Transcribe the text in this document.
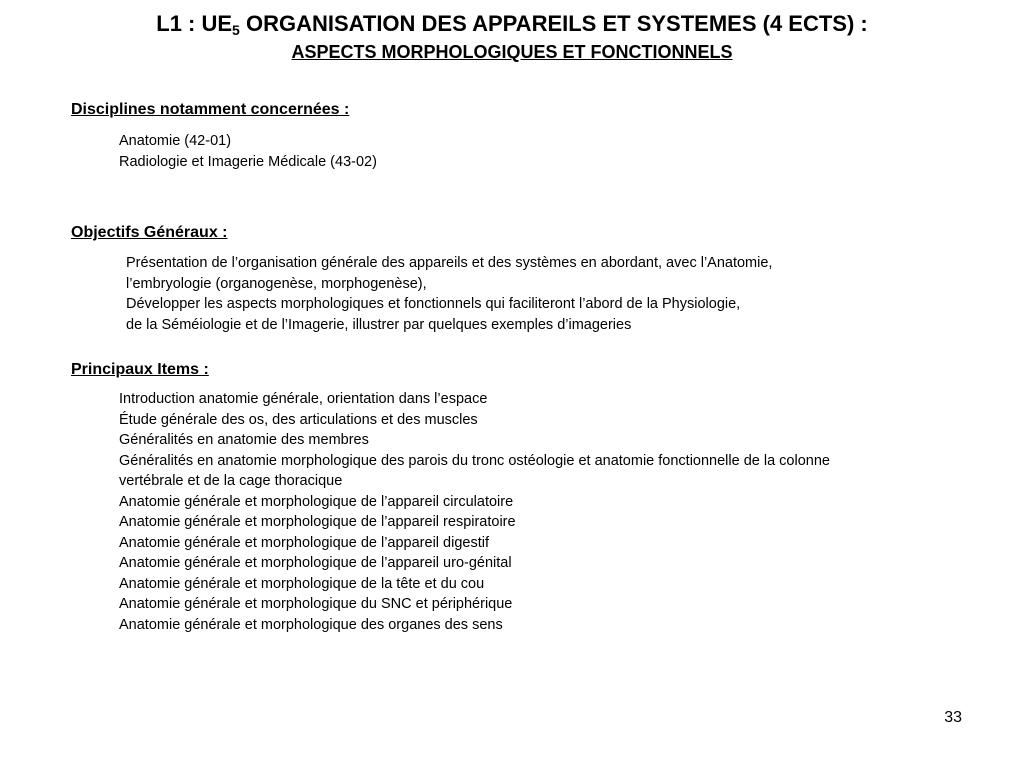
L1 : $UE_5$ ORGANISATION DES APPAREILS ET SYSTEMES (4 ECTS) :
ASPECTS MORPHOLOGIQUES ET FONCTIONNELS
Disciplines notamment concernées :
Anatomie (42-01)
Radiologie et Imagerie Médicale (43-02)
Objectifs Généraux :
Présentation de l’organisation générale des appareils et des systèmes en abordant, avec l’Anatomie,
l’embryologie (organogenèse, morphogenèse),
Développer les aspects morphologiques et fonctionnels qui faciliteront l’abord de la Physiologie,
de la Séméiologie et de l’Imagerie, illustrer par quelques exemples d’imageries
Principaux Items :
Introduction anatomie générale, orientation dans l’espace
Étude générale des os, des articulations et des muscles
Généralités en anatomie des membres
Généralités en anatomie morphologique des parois du tronc ostéologie et anatomie fonctionnelle de la colonne
vertébrale et de la cage thoracique
Anatomie générale et morphologique de l’appareil circulatoire
Anatomie générale et morphologique de l’appareil respiratoire
Anatomie générale et morphologique de l’appareil digestif
Anatomie générale et morphologique de l’appareil uro-génital
Anatomie générale et morphologique de la tête et du cou
Anatomie générale et morphologique du SNC et périphérique
Anatomie générale et morphologique des organes des sens
33
